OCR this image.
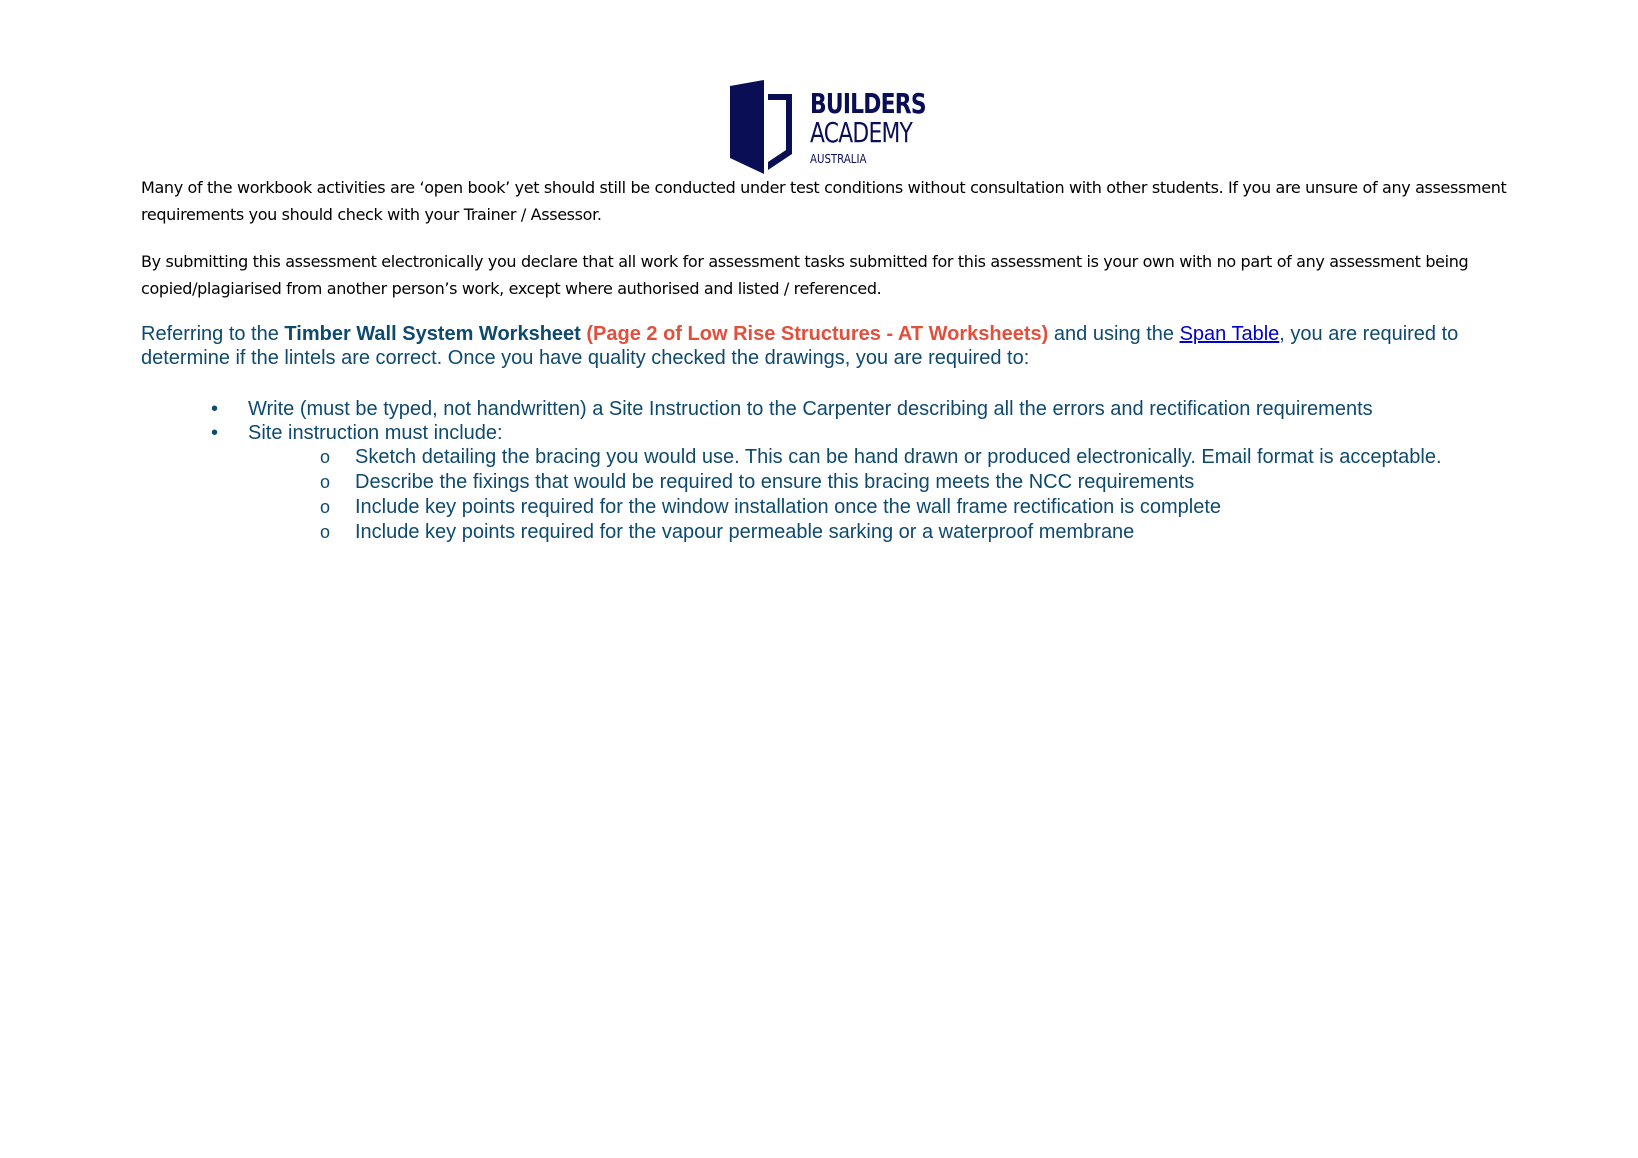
BUILDERS
ACADEMY
AUSTRALIA

Many of the workbook activities are ‘open book’ yet should still be conducted under test conditions without consultation with other students. If you are unsure of any assessment requirements you should check with your Trainer / Assessor.

By submitting this assessment electronically you declare that all work for assessment tasks submitted for this assessment is your own with no part of any assessment being copied/plagiarised from another person’s work, except where authorised and listed / referenced.

Referring to the Timber Wall System Worksheet (Page 2 of Low Rise Structures - AT Worksheets) and using the Span Table, you are required to determine if the lintels are correct. Once you have quality checked the drawings, you are required to:

• Write (must be typed, not handwritten) a Site Instruction to the Carpenter describing all the errors and rectification requirements
• Site instruction must include:
o Sketch detailing the bracing you would use. This can be hand drawn or produced electronically. Email format is acceptable.
o Describe the fixings that would be required to ensure this bracing meets the NCC requirements
o Include key points required for the window installation once the wall frame rectification is complete
o Include key points required for the vapour permeable sarking or a waterproof membrane
